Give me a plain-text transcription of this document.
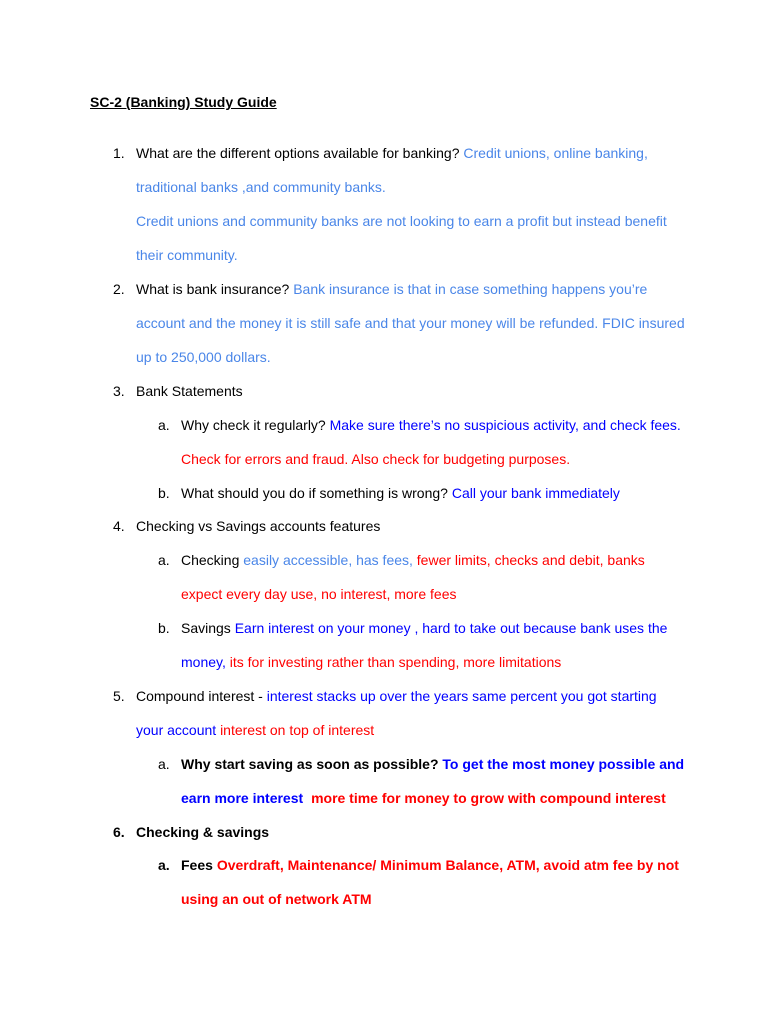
SC-2 (Banking) Study Guide
1. What are the different options available for banking? Credit unions, online banking,
traditional banks ,and community banks.
Credit unions and community banks are not looking to earn a profit but instead benefit
their community.
2. What is bank insurance? Bank insurance is that in case something happens you’re
account and the money it is still safe and that your money will be refunded. FDIC insured
up to 250,000 dollars.
3. Bank Statements
a. Why check it regularly? Make sure there’s no suspicious activity, and check fees.
Check for errors and fraud. Also check for budgeting purposes.
b. What should you do if something is wrong? Call your bank immediately
4. Checking vs Savings accounts features
a. Checking easily accessible, has fees, fewer limits, checks and debit, banks
expect every day use, no interest, more fees
b. Savings Earn interest on your money , hard to take out because bank uses the
money, its for investing rather than spending, more limitations
5. Compound interest - interest stacks up over the years same percent you got starting
your account interest on top of interest
a. Why start saving as soon as possible? To get the most money possible and
earn more interest more time for money to grow with compound interest
6. Checking & savings
a. Fees Overdraft, Maintenance/ Minimum Balance, ATM, avoid atm fee by not
using an out of network ATM
